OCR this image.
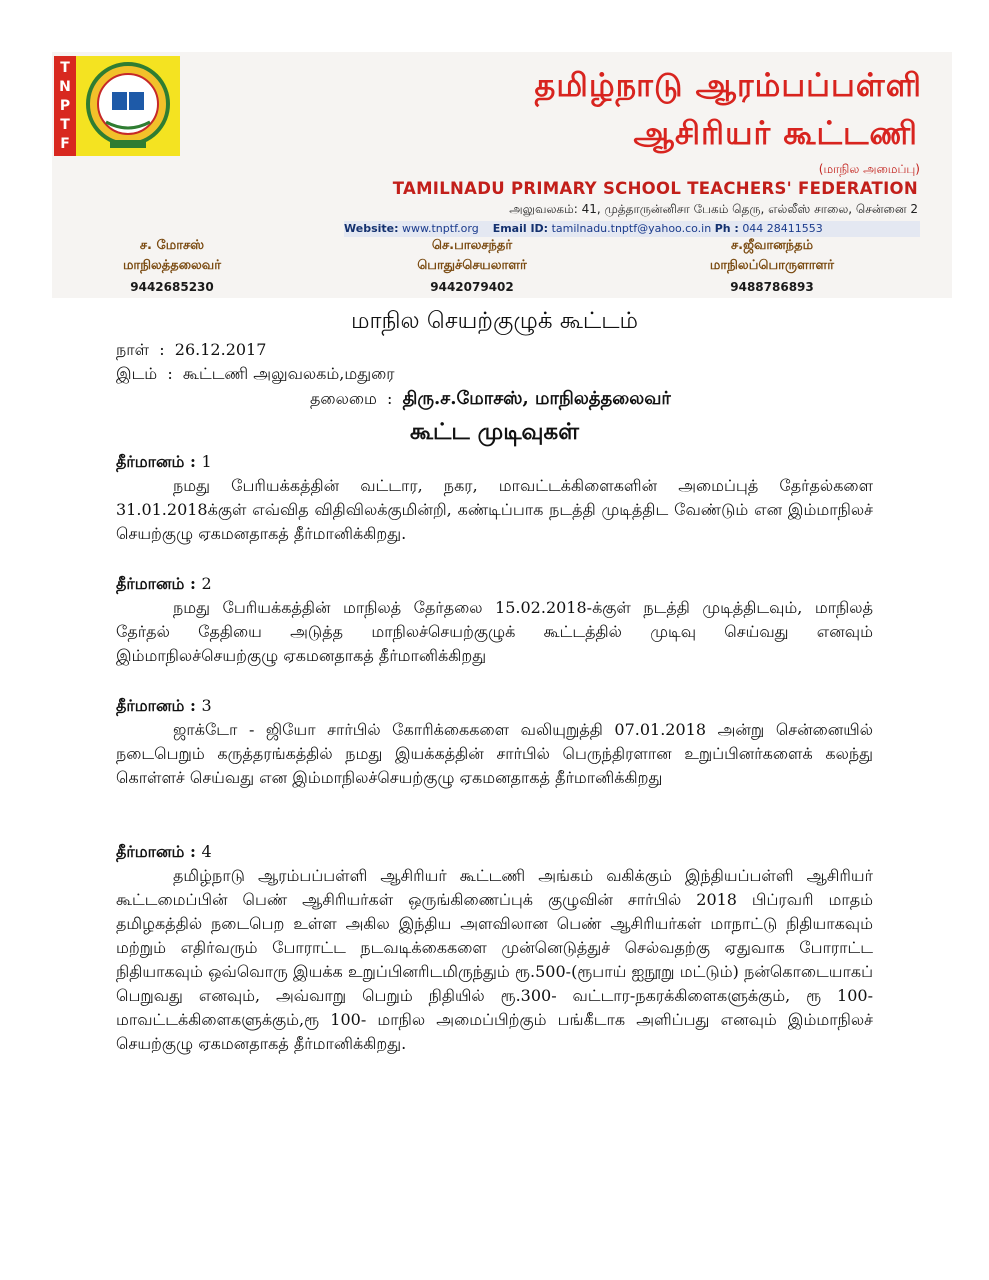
T
N
P
T
F
தமிழ்நாடு ஆரம்பப்பள்ளி
ஆசிரியர் கூட்டணி
(மாநில அமைப்பு)
TAMILNADU PRIMARY SCHOOL TEACHERS' FEDERATION
அலுவலகம்: 41, முத்தாருன்னிசா பேகம் தெரு, எல்லீஸ் சாலை, சென்னை 2
Website: www.tnptf.org Email ID: tamilnadu.tnptf@yahoo.co.in Ph : 044 28411553
ச. மோசஸ்
மாநிலத்தலைவர்
9442685230
செ.பாலசந்தர்
பொதுச்செயலாளர்
9442079402
ச.ஜீவானந்தம்
மாநிலப்பொருளாளர்
9488786893
மாநில செயற்குழுக் கூட்டம்
நாள்  :  26.12.2017
இடம்  :  கூட்டணி அலுவலகம்,மதுரை
தலைமை  :  திரு.ச.மோசஸ், மாநிலத்தலைவர்
கூட்ட முடிவுகள்
தீர்மானம் : 1

நமது பேரியக்கத்தின் வட்டார, நகர, மாவட்டக்கிளைகளின் அமைப்புத் தேர்தல்களை 31.01.2018க்குள் எவ்வித விதிவிலக்குமின்றி, கண்டிப்பாக நடத்தி முடித்திட வேண்டும் என இம்மாநிலச் செயற்குழு ஏகமனதாகத் தீர்மானிக்கிறது.

தீர்மானம் : 2

நமது பேரியக்கத்தின் மாநிலத் தேர்தலை 15.02.2018-க்குள் நடத்தி முடித்திடவும், மாநிலத் தேர்தல் தேதியை அடுத்த மாநிலச்செயற்குழுக் கூட்டத்தில் முடிவு செய்வது எனவும் இம்மாநிலச்செயற்குழு ஏகமனதாகத் தீர்மானிக்கிறது

தீர்மானம் : 3

ஜாக்டோ - ஜியோ சார்பில் கோரிக்கைகளை வலியுறுத்தி 07.01.2018 அன்று சென்னையில் நடைபெறும் கருத்தரங்கத்தில் நமது இயக்கத்தின் சார்பில் பெருந்திரளான உறுப்பினர்களைக் கலந்து கொள்ளச் செய்வது என இம்மாநிலச்செயற்குழு ஏகமனதாகத் தீர்மானிக்கிறது

தீர்மானம் : 4

தமிழ்நாடு ஆரம்பப்பள்ளி ஆசிரியர் கூட்டணி அங்கம் வகிக்கும் இந்தியப்பள்ளி ஆசிரியர் கூட்டமைப்பின் பெண் ஆசிரியர்கள் ஒருங்கிணைப்புக் குழுவின் சார்பில் 2018 பிப்ரவரி மாதம் தமிழகத்தில் நடைபெற உள்ள அகில இந்திய அளவிலான பெண் ஆசிரியர்கள் மாநாட்டு நிதியாகவும் மற்றும் எதிர்வரும் போராட்ட நடவடிக்கைகளை முன்னெடுத்துச் செல்வதற்கு ஏதுவாக போராட்ட நிதியாகவும் ஒவ்வொரு இயக்க உறுப்பினரிடமிருந்தும் ரூ.500-(ரூபாய் ஐநூறு மட்டும்) நன்கொடையாகப் பெறுவது எனவும், அவ்வாறு பெறும் நிதியில் ரூ.300- வட்டார-நகரக்கிளைகளுக்கும், ரூ 100- மாவட்டக்கிளைகளுக்கும்,ரூ 100- மாநில அமைப்பிற்கும் பங்கீடாக அளிப்பது எனவும் இம்மாநிலச் செயற்குழு ஏகமனதாகத் தீர்மானிக்கிறது.
